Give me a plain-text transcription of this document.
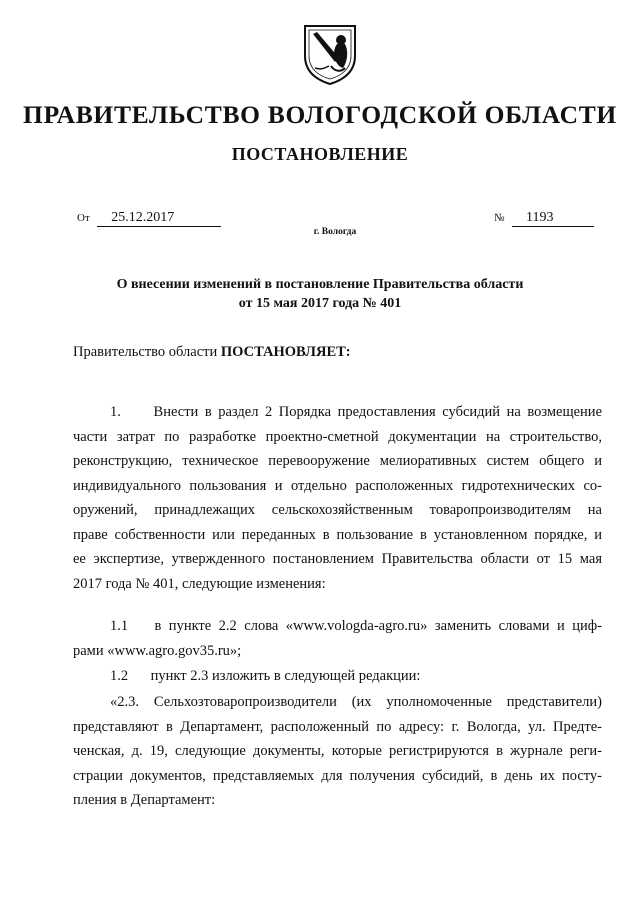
ПРАВИТЕЛЬСТВО ВОЛОГОДСКОЙ ОБЛАСТИ
ПОСТАНОВЛЕНИЕ
От 25.12.2017	№ 1193
г. Вологда
О внесении изменений в постановление Правительства области
от 15 мая 2017 года № 401
Правительство области ПОСТАНОВЛЯЕТ:
1. Внести в раздел 2 Порядка предоставления субсидий на возмещение
части затрат по разработке проектно-сметной документации на строительство,
реконструкцию, техническое перевооружение мелиоративных систем общего и
индивидуального пользования и отдельно расположенных гидротехнических со-
оружений, принадлежащих сельскохозяйственным товаропроизводителям на
праве собственности или переданных в пользование в установленном порядке, и
ее экспертизе, утвержденного постановлением Правительства области от 15 мая
2017 года № 401, следующие изменения:
1.1 в пункте 2.2 слова «www.vologda-agro.ru» заменить словами и циф-
рами «www.agro.gov35.ru»;
1.2 пункт 2.3 изложить в следующей редакции:
«2.3. Сельхозтоваропроизводители (их уполномоченные представители)
представляют в Департамент, расположенный по адресу: г. Вологда, ул. Предте-
ченская, д. 19, следующие документы, которые регистрируются в журнале реги-
страции документов, представляемых для получения субсидий, в день их посту-
пления в Департамент:
